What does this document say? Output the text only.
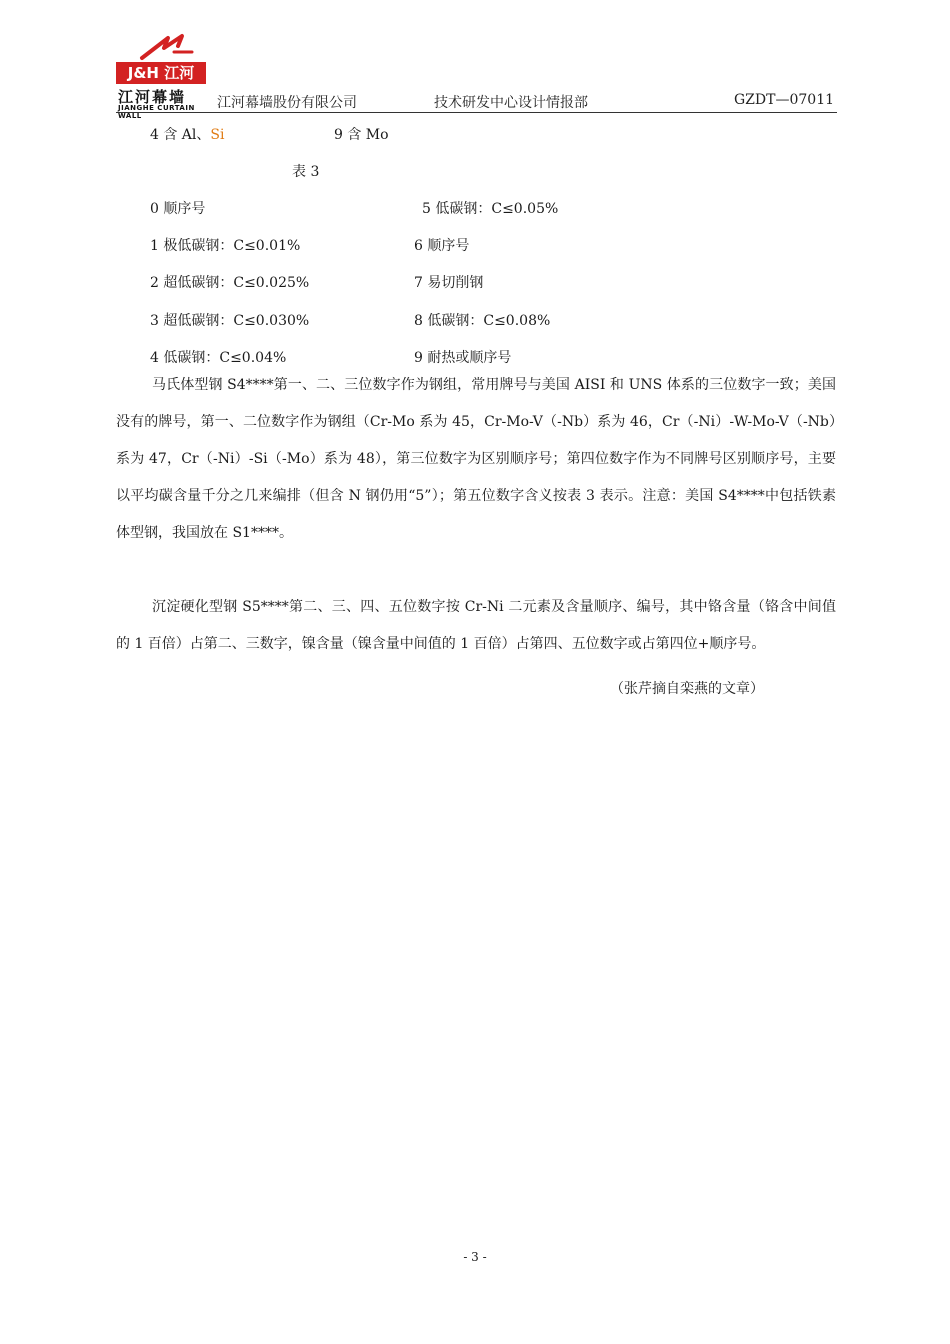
J&H 江河
江河幕墙
JIANGHE CURTAIN WALL
江河幕墙股份有限公司	技术研发中心设计情报部	GZDT—07011
4 含 Al、Si	9 含 Mo
表 3
0 顺序号	5 低碳钢：C≤0.05%
1 极低碳钢：C≤0.01%	6 顺序号
2 超低碳钢：C≤0.025%	7 易切削钢
3 超低碳钢：C≤0.030%	8 低碳钢：C≤0.08%
4 低碳钢：C≤0.04%	9 耐热或顺序号

马氏体型钢 S4****第一、二、三位数字作为钢组，常用牌号与美国 AISI 和 UNS 体系的三位数字一致；美国没有的牌号，第一、二位数字作为钢组（Cr-Mo 系为 45，Cr-Mo-V（-Nb）系为 46，Cr（-Ni）-W-Mo-V（-Nb）系为 47，Cr（-Ni）-Si（-Mo）系为 48），第三位数字为区别顺序号；第四位数字作为不同牌号区别顺序号，主要以平均碳含量千分之几来编排（但含 N 钢仍用“5”）；第五位数字含义按表 3 表示。注意：美国 S4****中包括铁素体型钢，我国放在 S1****。

沉淀硬化型钢 S5****第二、三、四、五位数字按 Cr-Ni 二元素及含量顺序、编号，其中铬含量（铬含中间值的 1 百倍）占第二、三数字，镍含量（镍含量中间值的 1 百倍）占第四、五位数字或占第四位+顺序号。

（张芹摘自栾燕的文章）
- 3 -
